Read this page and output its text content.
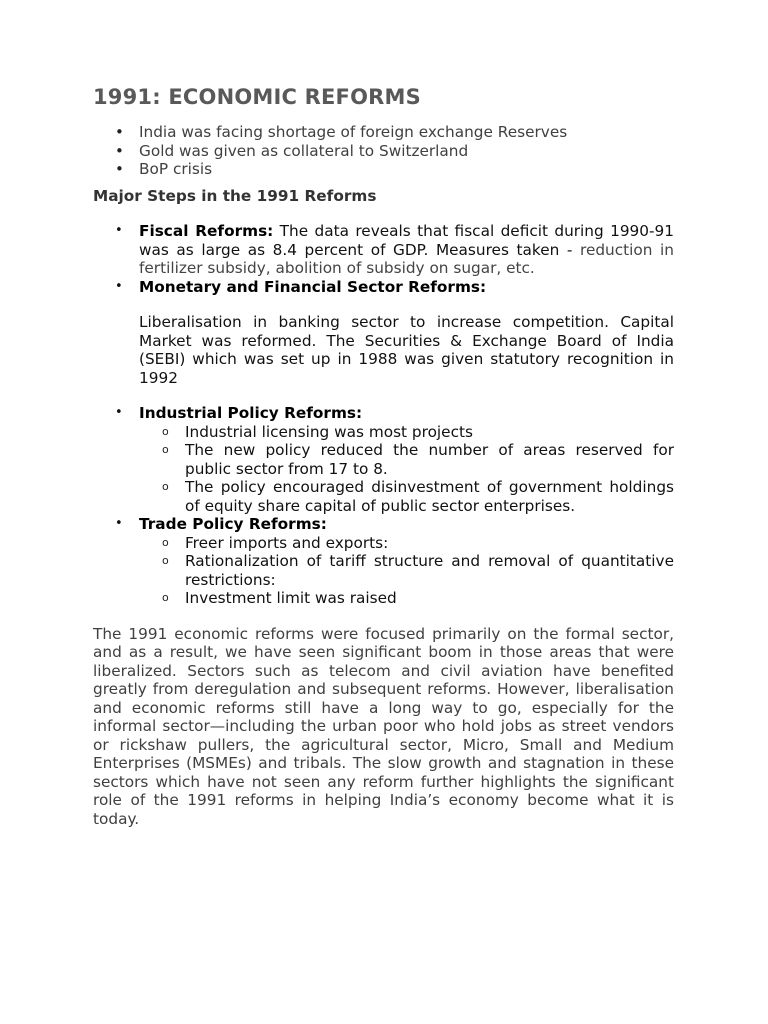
1991: ECONOMIC REFORMS
• India was facing shortage of foreign exchange Reserves
• Gold was given as collateral to Switzerland
• BoP crisis
Major Steps in the 1991 Reforms
• Fiscal Reforms: The data reveals that fiscal deficit during 1990-91 was as large as 8.4 percent of GDP. Measures taken - reduction in fertilizer subsidy, abolition of subsidy on sugar, etc.
• Monetary and Financial Sector Reforms:
Liberalisation in banking sector to increase competition. Capital Market was reformed. The Securities & Exchange Board of India (SEBI) which was set up in 1988 was given statutory recognition in 1992
• Industrial Policy Reforms:
o Industrial licensing was most projects
o The new policy reduced the number of areas reserved for public sector from 17 to 8.
o The policy encouraged disinvestment of government holdings of equity share capital of public sector enterprises.
• Trade Policy Reforms:
o Freer imports and exports:
o Rationalization of tariff structure and removal of quantitative restrictions:
o Investment limit was raised
The 1991 economic reforms were focused primarily on the formal sector, and as a result, we have seen significant boom in those areas that were liberalized. Sectors such as telecom and civil aviation have benefited greatly from deregulation and subsequent reforms. However, liberalisation and economic reforms still have a long way to go, especially for the informal sector—including the urban poor who hold jobs as street vendors or rickshaw pullers, the agricultural sector, Micro, Small and Medium Enterprises (MSMEs) and tribals. The slow growth and stagnation in these sectors which have not seen any reform further highlights the significant role of the 1991 reforms in helping India’s economy become what it is today.
